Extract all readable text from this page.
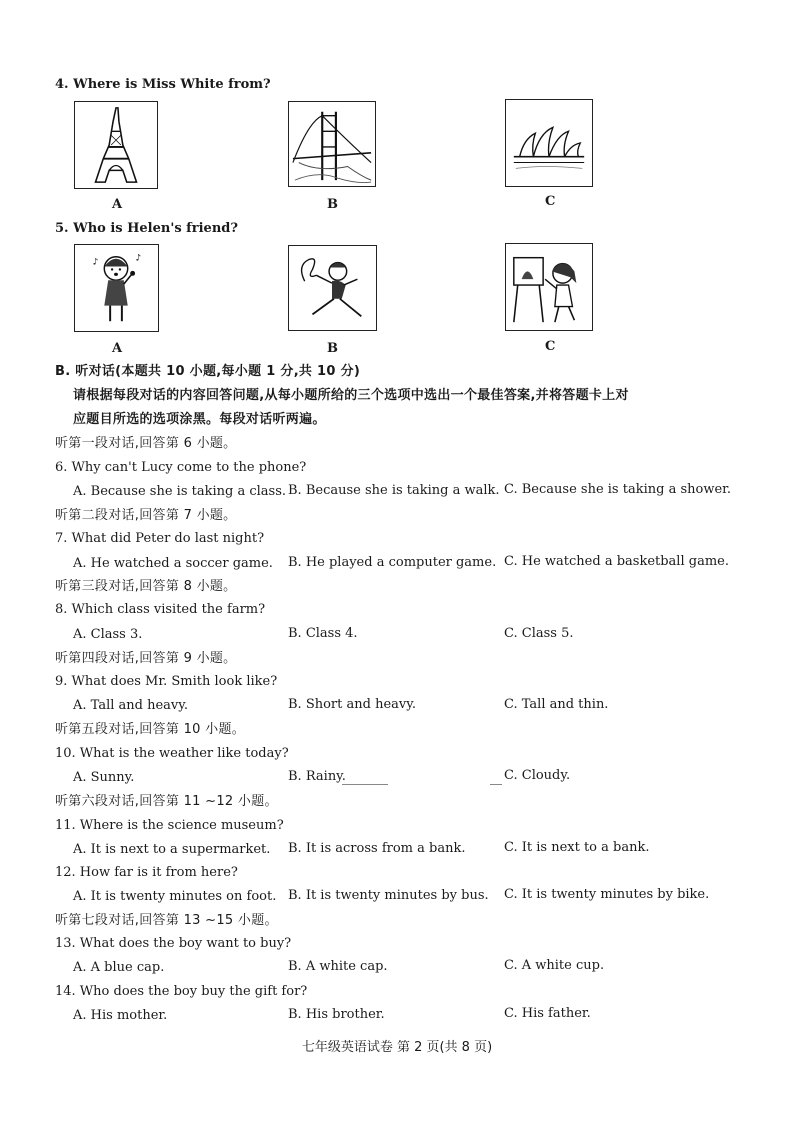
4. Where is Miss White from?
A	B	C
5. Who is Helen's friend?
♪
♪
A	B	C
B. 听对话(本题共 10 小题,每小题 1 分,共 10 分)
请根据每段对话的内容回答问题,从每小题所给的三个选项中选出一个最佳答案,并将答题卡上对
应题目所选的选项涂黑。每段对话听两遍。
听第一段对话,回答第 6 小题。
6. Why can't Lucy come to the phone?
A. Because she is taking a class. B. Because she is taking a walk. C. Because she is taking a shower.
听第二段对话,回答第 7 小题。
7. What did Peter do last night?
A. He watched a soccer game. B. He played a computer game. C. He watched a basketball game.
听第三段对话,回答第 8 小题。
8. Which class visited the farm?
A. Class 3.	B. Class 4.	C. Class 5.
听第四段对话,回答第 9 小题。
9. What does Mr. Smith look like?
A. Tall and heavy.	B. Short and heavy.	C. Tall and thin.
听第五段对话,回答第 10 小题。
10. What is the weather like today?
A. Sunny.	B. Rainy.	C. Cloudy.
听第六段对话,回答第 11 ~12 小题。
11. Where is the science museum?
A. It is next to a supermarket. B. It is across from a bank.	C. It is next to a bank.
12. How far is it from here?
A. It is twenty minutes on foot. B. It is twenty minutes by bus. C. It is twenty minutes by bike.
听第七段对话,回答第 13 ~15 小题。
13. What does the boy want to buy?
A. A blue cap.	B. A white cap.	C. A white cup.
14. Who does the boy buy the gift for?
A. His mother.	B. His brother.	C. His father.
七年级英语试卷 第 2 页(共 8 页)
